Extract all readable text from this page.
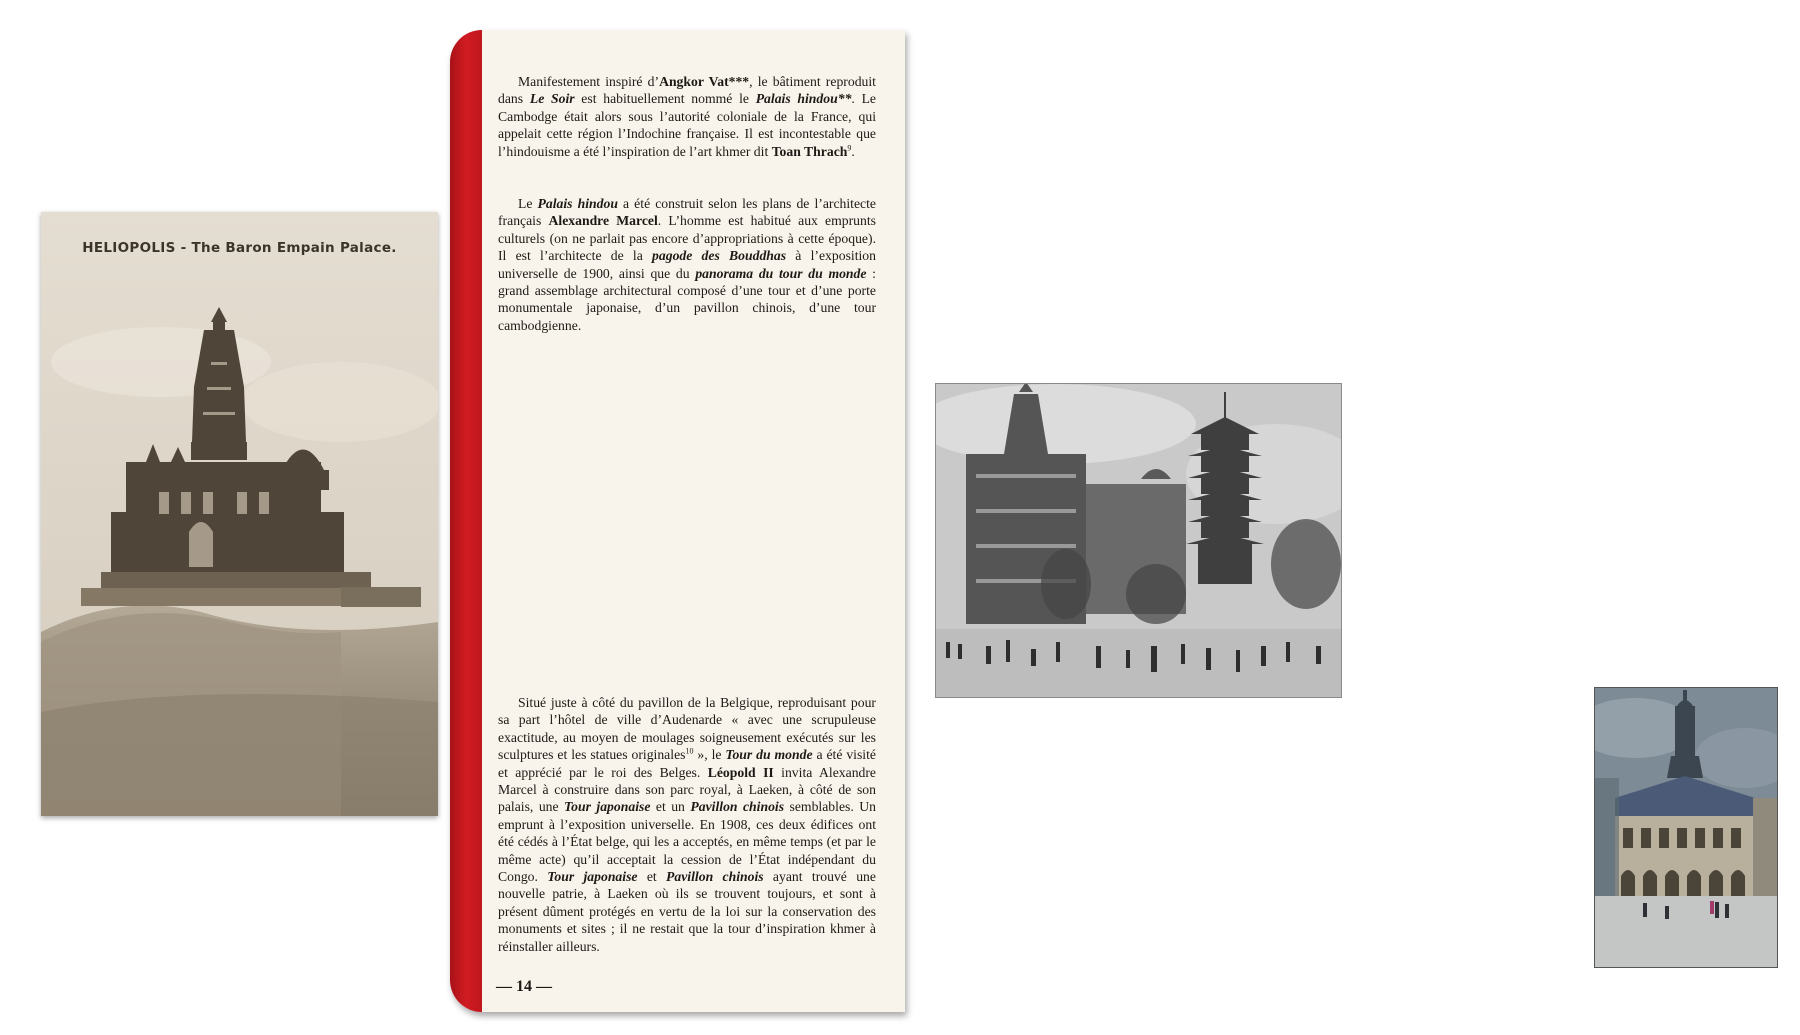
HELIOPOLIS - The Baron Empain Palace.

Manifestement inspiré d’Angkor Vat***, le bâtiment reproduit dans Le Soir est habituellement nommé le Palais hindou**. Le Cambodge était alors sous l’autorité coloniale de la France, qui appelait cette région l’Indochine française. Il est incontestable que l’hindouisme a été l’inspiration de l’art khmer dit Toan Thrach$^9$.

Le Palais hindou a été construit selon les plans de l’architecte français Alexandre Marcel. L’homme est habitué aux emprunts culturels (on ne parlait pas encore d’appropriations à cette époque). Il est l’architecte de la pagode des Bouddhas à l’exposition universelle de 1900, ainsi que du panorama du tour du monde : grand assemblage architectural composé d’une tour et d’une porte monumentale japonaise, d’un pavillon chinois, d’une tour cambodgienne.

Situé juste à côté du pavillon de la Belgique, reproduisant pour sa part l’hôtel de ville d’Audenarde « avec une scrupuleuse exactitude, au moyen de moulages soigneusement exécutés sur les sculptures et les statues originales$^{10}$ », le Tour du monde a été visité et apprécié par le roi des Belges. Léopold II invita Alexandre Marcel à construire dans son parc royal, à Laeken, à côté de son palais, une Tour japonaise et un Pavillon chinois semblables. Un emprunt à l’exposition universelle. En 1908, ces deux édifices ont été cédés à l’État belge, qui les a acceptés, en même temps (et par le même acte) qu’il acceptait la cession de l’État indépendant du Congo. Tour japonaise et Pavillon chinois ayant trouvé une nouvelle patrie, à Laeken où ils se trouvent toujours, et sont à présent dûment protégés en vertu de la loi sur la conservation des monuments et sites ; il ne restait que la tour d’inspiration khmer à réinstaller ailleurs.

— 14 —
